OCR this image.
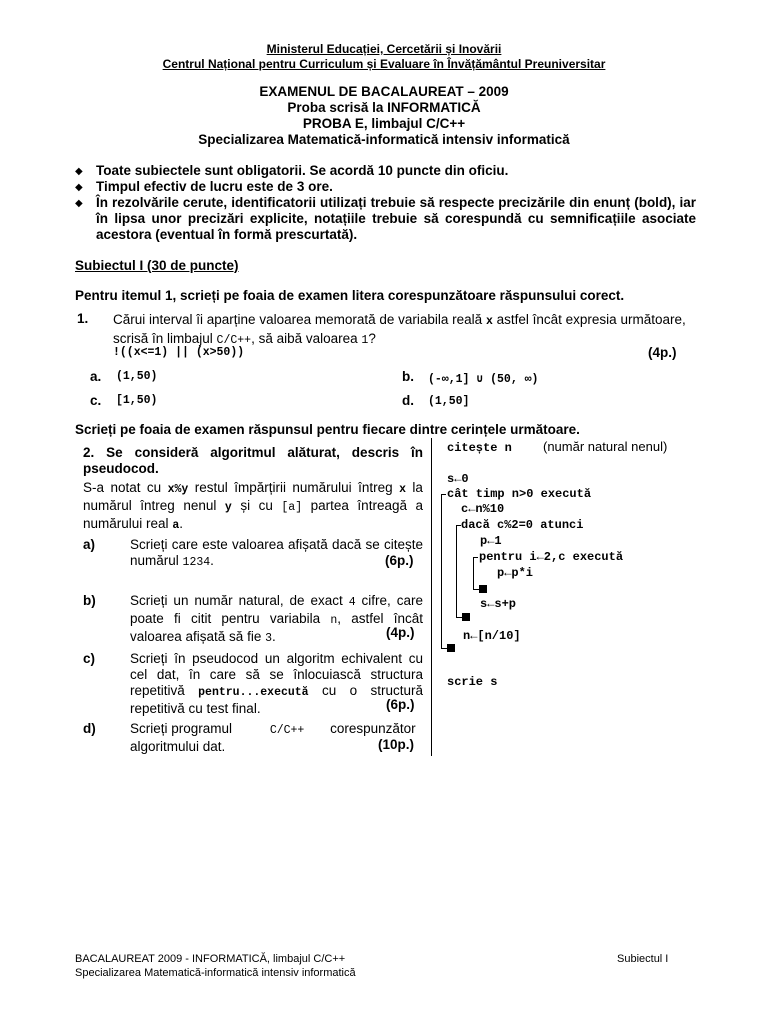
Ministerul Educației, Cercetării și Inovării
Centrul Național pentru Curriculum și Evaluare în Învățământul Preuniversitar
EXAMENUL DE BACALAUREAT – 2009
Proba scrisă la INFORMATICĂ
PROBA E, limbajul C/C++
Specializarea Matematică-informatică intensiv informatică
◆ Toate subiectele sunt obligatorii. Se acordă 10 puncte din oficiu.
◆ Timpul efectiv de lucru este de 3 ore.
◆ În rezolvările cerute, identificatorii utilizați trebuie să respecte precizările din enunț (bold), iar în lipsa unor precizări explicite, notațiile trebuie să corespundă cu semnificațiile asociate acestora (eventual în formă prescurtată).
Subiectul I (30 de puncte)
Pentru itemul 1, scrieți pe foaia de examen litera corespunzătoare răspunsului corect.
1. Cărui interval îi aparține valoarea memorată de variabila reală x astfel încât expresia următoare, scrisă în limbajul C/C++, să aibă valoarea 1?
!((x<=1) || (x>50))	(4p.)
a. (1,50)	b. (-∞,1] ∪ (50, ∞)
c. [1,50)	d. (1,50]
Scrieți pe foaia de examen răspunsul pentru fiecare dintre cerințele următoare.
2. Se consideră algoritmul alăturat, descris în pseudocod.
S-a notat cu x%y restul împărțirii numărului întreg x la numărul întreg nenul y și cu [a] partea întreagă a numărului real a.
a)	Scrieți care este valoarea afișată dacă se citește numărul 1234.	(6p.)
b)	Scrieți un număr natural, de exact 4 cifre, care poate fi citit pentru variabila n, astfel încât valoarea afișată să fie 3.	(4p.)
c)	Scrieți în pseudocod un algoritm echivalent cu cel dat, în care să se înlocuiască structura repetitivă pentru...execută cu o structură repetitivă cu test final.	(6p.)
d)	Scrieți programul	C/C++ corespunzător algoritmului dat.	(10p.)
citește n (număr natural nenul)
s←0
cât timp n>0 execută
c←n%10
dacă c%2=0 atunci
p←1
pentru i←2,c execută
p←p*i
s←s+p
n←[n/10]
scrie s
BACALAUREAT 2009 - INFORMATICĂ, limbajul C/C++
Specializarea Matematică-informatică intensiv informatică
Subiectul I
